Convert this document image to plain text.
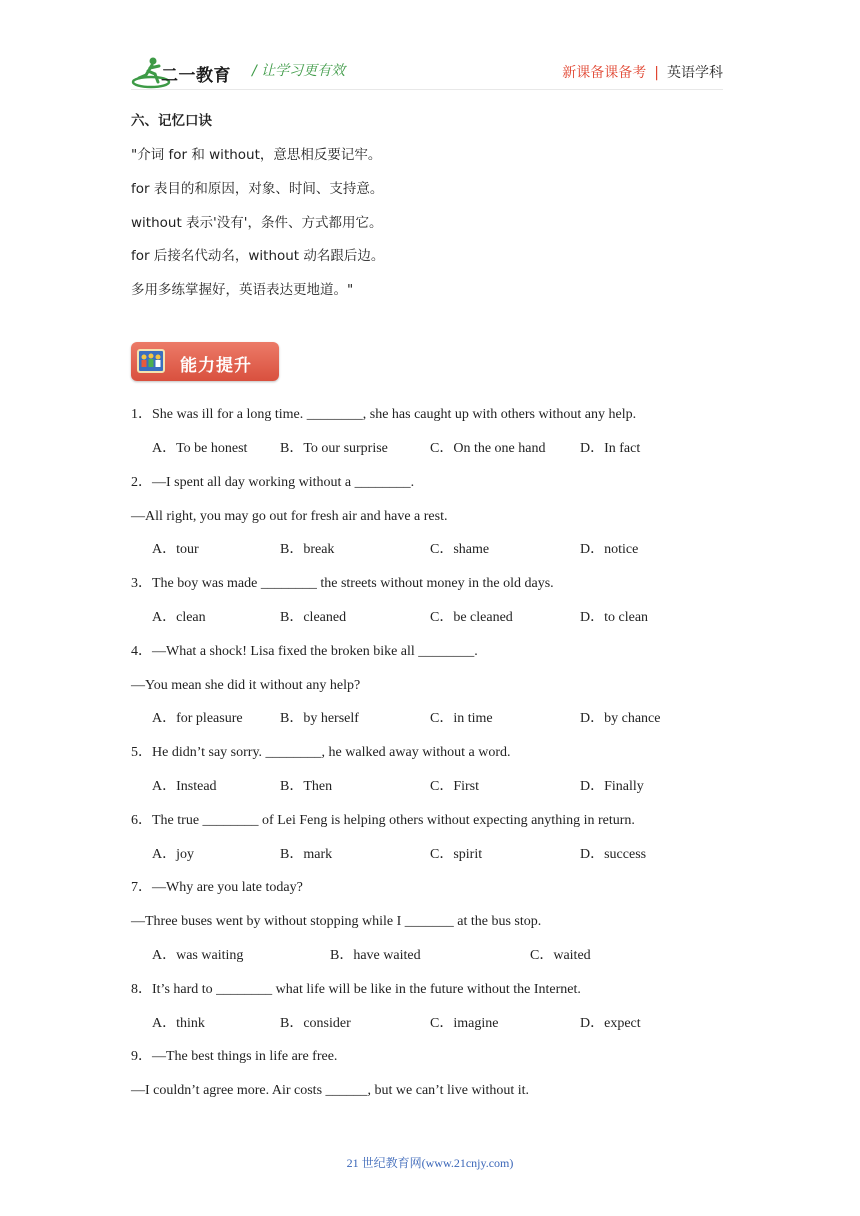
二一教育 / 让学习更有效	新课备课备考 | 英语学科
六、记忆口诀
"介词 for 和 without，意思相反要记牢。
for 表目的和原因，对象、时间、支持意。
without 表示'没有'，条件、方式都用它。
for 后接名代动名，without 动名跟后边。
多用多练掌握好，英语表达更地道。"
能力提升
1．She was ill for a long time. ________, she has caught up with others without any help.
A．To be honest B．To our surprise	C．On the one hand D．In fact
2．—I spent all day working without a ________.
—All right, you may go out for fresh air and have a rest.
A．tour	B．break	C．shame	D．notice
3．The boy was made ________ the streets without money in the old days.
A．clean	B．cleaned	C．be cleaned	D．to clean
4．—What a shock! Lisa fixed the broken bike all ________.
—You mean she did it without any help?
A．for pleasure	B．by herself	C．in time	D．by chance
5．He didn’t say sorry. ________, he walked away without a word.
A．Instead	B．Then	C．First	D．Finally
6．The true ________ of Lei Feng is helping others without expecting anything in return.
A．joy	B．mark	C．spirit	D．success
7．—Why are you late today?
—Three buses went by without stopping while I _______ at the bus stop.
A．was waiting	B．have waited	C．waited
8．It’s hard to ________ what life will be like in the future without the Internet.
A．think	B．consider	C．imagine	D．expect
9．—The best things in life are free.
—I couldn’t agree more. Air costs ______, but we can’t live without it.
21 世纪教育网(www.21cnjy.com)
